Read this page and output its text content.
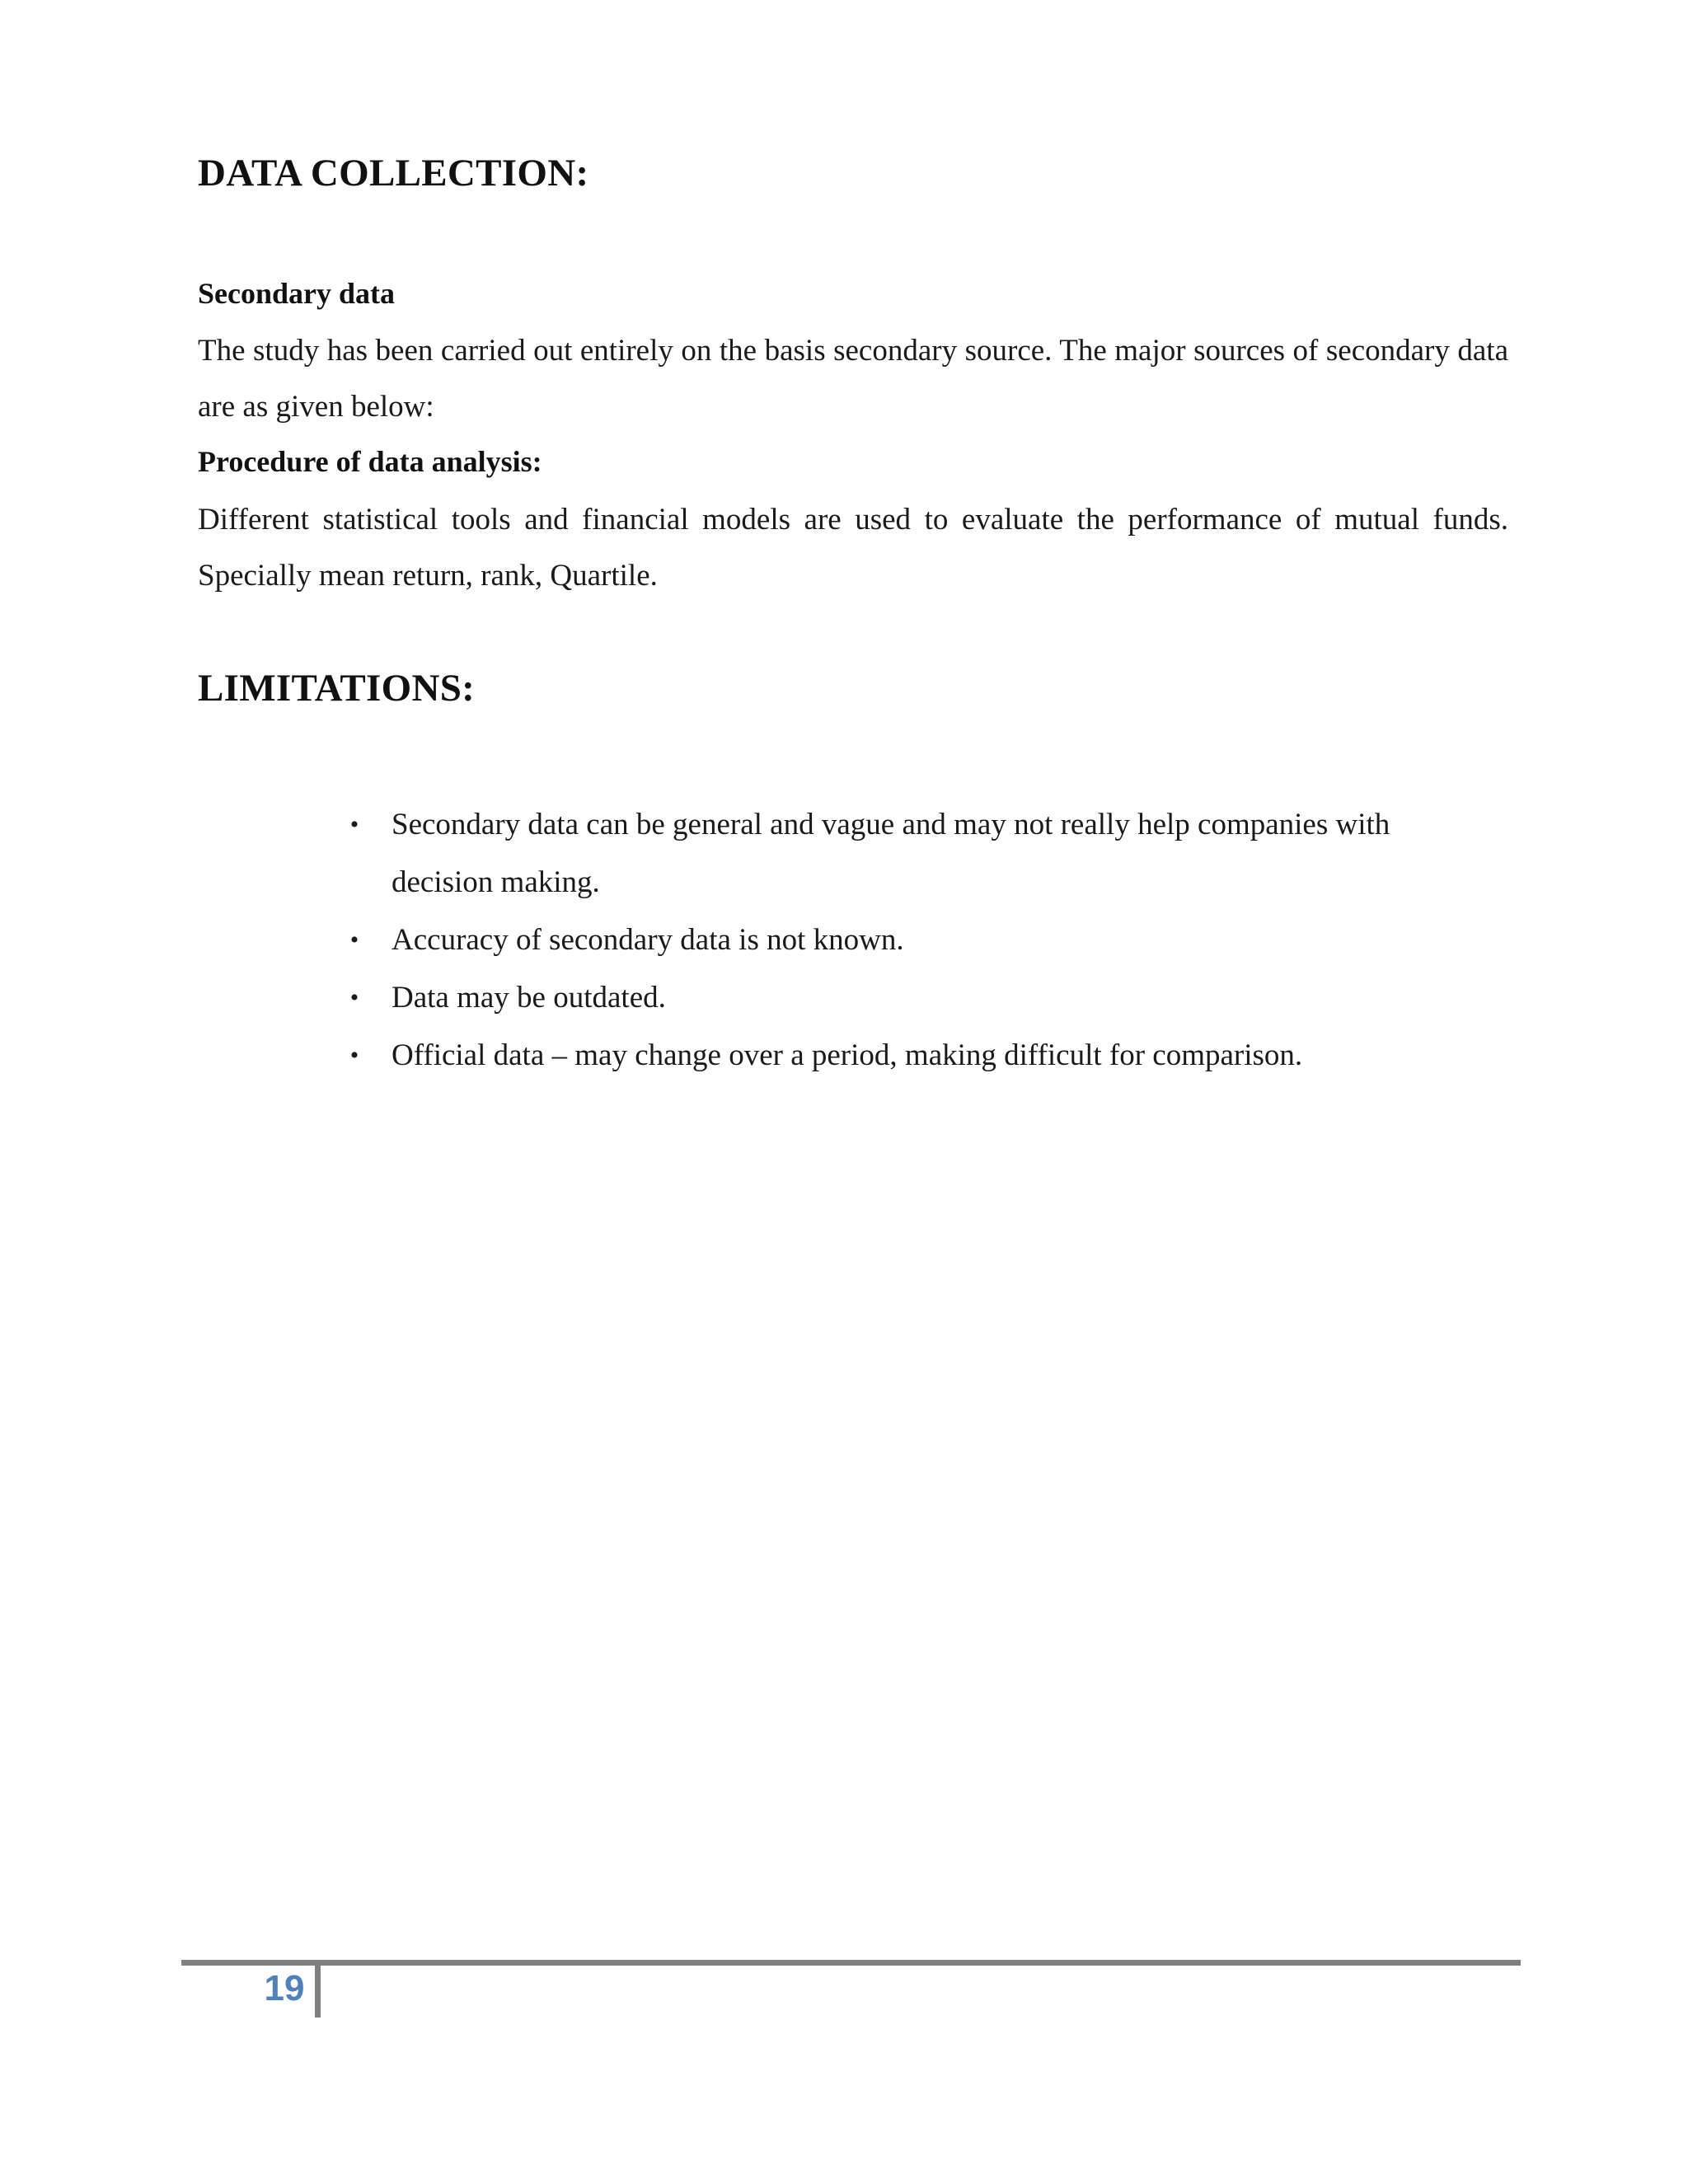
DATA COLLECTION:
Secondary data

The study has been carried out entirely on the basis secondary source. The major sources of secondary data are as given below:

Procedure of data analysis:

Different statistical tools and financial models are used to evaluate the performance of mutual funds. Specially mean return, rank, Quartile.

LIMITATIONS:
• Secondary data can be general and vague and may not really help companies with decision making.
• Accuracy of secondary data is not known.
• Data may be outdated.
• Official data – may change over a period, making difficult for comparison.
19
